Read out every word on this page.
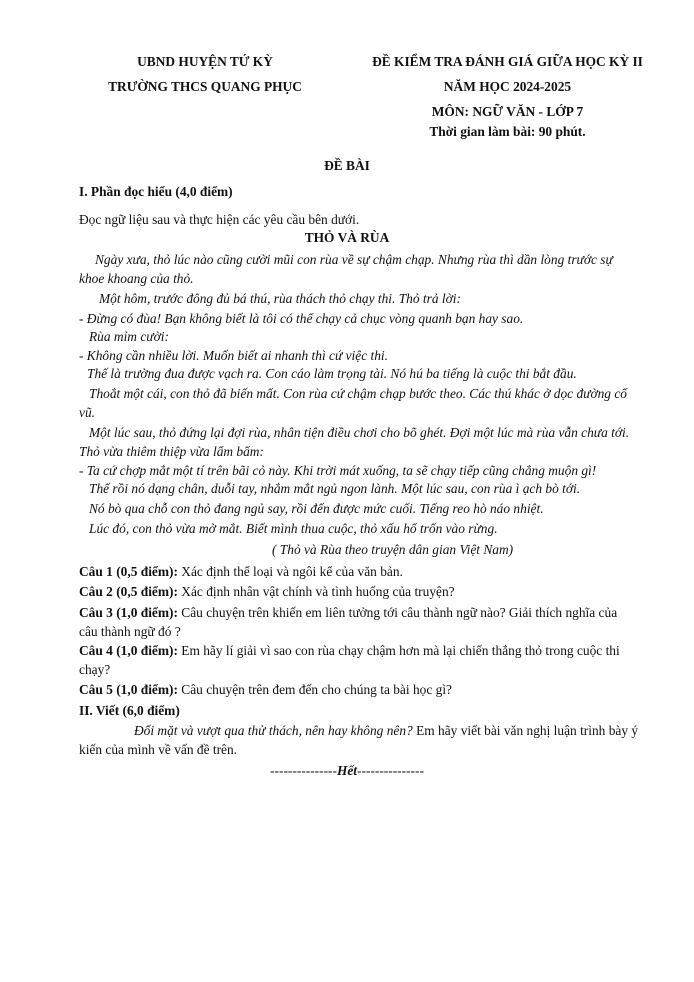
UBND HUYỆN TỨ KỲ
TRƯỜNG THCS QUANG PHỤC
ĐỀ KIỂM TRA ĐÁNH GIÁ GIỮA HỌC KỲ II
NĂM HỌC 2024-2025
MÔN: NGỮ VĂN - LỚP 7
Thời gian làm bài: 90 phút.
ĐỀ BÀI
I. Phần đọc hiểu (4,0 điểm)
Đọc ngữ liệu sau và thực hiện các yêu cầu bên dưới.
THỎ VÀ RÙA
Ngày xưa, thỏ lúc nào cũng cười mũi con rùa về sự chậm chạp. Nhưng rùa thì dần lòng trước sự khoe khoang của thỏ.
Một hôm, trước đông đủ bá thú, rùa thách thỏ chạy thi. Thỏ trả lời:
- Đừng có đùa! Bạn không biết là tôi có thể chạy cả chục vòng quanh bạn hay sao.
Rùa mỉm cười:
- Không cần nhiều lời. Muốn biết ai nhanh thì cứ việc thi.
Thế là trường đua được vạch ra. Con cáo làm trọng tài. Nó hú ba tiếng là cuộc thi bắt đầu.
Thoắt một cái, con thỏ đã biến mất. Con rùa cứ chậm chạp bước theo. Các thú khác ở dọc đường cổ vũ.
Một lúc sau, thỏ đứng lại đợi rùa, nhân tiện điều chơi cho bõ ghét. Đợi một lúc mà rùa vẫn chưa tới. Thỏ vừa thiêm thiệp vừa lẩm bẩm:
- Ta cứ chợp mắt một tí trên bãi cỏ này. Khi trời mát xuống, ta sẽ chạy tiếp cũng chẳng muộn gì!
Thế rồi nó dạng chân, duỗi tay, nhắm mắt ngủ ngon lành. Một lúc sau, con rùa ì ạch bò tới.
Nó bò qua chỗ con thỏ đang ngủ say, rồi đến được mức cuối. Tiếng reo hò náo nhiệt.
Lúc đó, con thỏ vừa mở mắt. Biết mình thua cuộc, thỏ xấu hổ trốn vào rừng.
( Thỏ và Rùa theo truyện dân gian Việt Nam)
Câu 1 (0,5 điểm): Xác định thể loại và ngôi kể của văn bản.
Câu 2 (0,5 điểm): Xác định nhân vật chính và tình huống của truyện?
Câu 3 (1,0 điểm): Câu chuyện trên khiến em liên tưởng tới câu thành ngữ nào? Giải thích nghĩa của câu thành ngữ đó ?
Câu 4 (1,0 điểm): Em hãy lí giải vì sao con rùa chạy chậm hơn mà lại chiến thắng thỏ trong cuộc thi chạy?
Câu 5 (1,0 điểm): Câu chuyện trên đem đến cho chúng ta bài học gì?
II. Viết (6,0 điểm)
Đối mặt và vượt qua thử thách, nên hay không nên? Em hãy viết bài văn nghị luận trình bày ý kiến của mình về vấn đề trên.
---------------Hết---------------
